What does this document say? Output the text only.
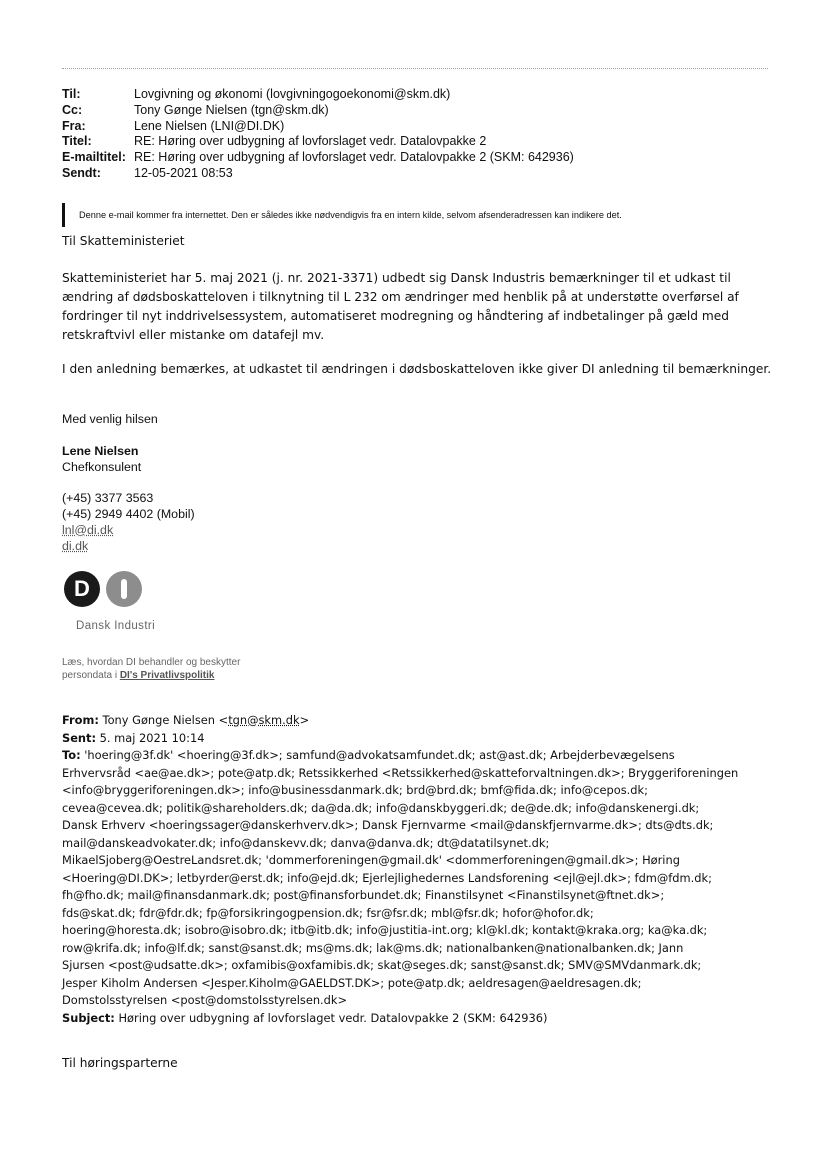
Til:	Lovgivning og økonomi (lovgivningogoekonomi@skm.dk)
Cc:	Tony Gønge Nielsen (tgn@skm.dk)
Fra:	Lene Nielsen (LNI@DI.DK)
Titel:	RE: Høring over udbygning af lovforslaget vedr. Datalovpakke 2
E-mailtitel: RE: Høring over udbygning af lovforslaget vedr. Datalovpakke 2 (SKM: 642936)
Sendt:	12-05-2021 08:53
Denne e-mail kommer fra internettet. Den er således ikke nødvendigvis fra en intern kilde, selvom afsenderadressen kan indikere det.
Til Skatteministeriet
Skatteministeriet har 5. maj 2021 (j. nr. 2021-3371) udbedt sig Dansk Industris bemærkninger til et udkast til ændring af dødsboskatteloven i tilknytning til L 232 om ændringer med henblik på at understøtte overførsel af fordringer til nyt inddrivelsessystem, automatiseret modregning og håndtering af indbetalinger på gæld med retskraftvivl eller mistanke om datafejl mv.
I den anledning bemærkes, at udkastet til ændringen i dødsboskatteloven ikke giver DI anledning til bemærkninger.
Med venlig hilsen
Lene Nielsen
Chefkonsulent
(+45) 3377 3563
(+45) 2949 4402 (Mobil)
lnl@di.dk
di.dk
D
Dansk Industri
Læs, hvordan DI behandler og beskytter
persondata i DI's Privatlivspolitik
From: Tony Gønge Nielsen <tgn@skm.dk>
Sent: 5. maj 2021 10:14
To: 'hoering@3f.dk' <hoering@3f.dk>; samfund@advokatsamfundet.dk; ast@ast.dk; Arbejderbevægelsens
Erhvervsråd <ae@ae.dk>; pote@atp.dk; Retssikkerhed <Retssikkerhed@skatteforvaltningen.dk>; Bryggeriforeningen
<info@bryggeriforeningen.dk>; info@businessdanmark.dk; brd@brd.dk; bmf@fida.dk; info@cepos.dk;
cevea@cevea.dk; politik@shareholders.dk; da@da.dk; info@danskbyggeri.dk; de@de.dk; info@danskenergi.dk;
Dansk Erhverv <hoeringssager@danskerhverv.dk>; Dansk Fjernvarme <mail@danskfjernvarme.dk>; dts@dts.dk;
mail@danskeadvokater.dk; info@danskevv.dk; danva@danva.dk; dt@datatilsynet.dk;
MikaelSjoberg@OestreLandsret.dk; 'dommerforeningen@gmail.dk' <dommerforeningen@gmail.dk>; Høring
<Hoering@DI.DK>; letbyrder@erst.dk; info@ejd.dk; Ejerlejlighedernes Landsforening <ejl@ejl.dk>; fdm@fdm.dk;
fh@fho.dk; mail@finansdanmark.dk; post@finansforbundet.dk; Finanstilsynet <Finanstilsynet@ftnet.dk>;
fds@skat.dk; fdr@fdr.dk; fp@forsikringogpension.dk; fsr@fsr.dk; mbl@fsr.dk; hofor@hofor.dk;
hoering@horesta.dk; isobro@isobro.dk; itb@itb.dk; info@justitia-int.org; kl@kl.dk; kontakt@kraka.org; ka@ka.dk;
row@krifa.dk; info@lf.dk; sanst@sanst.dk; ms@ms.dk; lak@ms.dk; nationalbanken@nationalbanken.dk; Jann
Sjursen <post@udsatte.dk>; oxfamibis@oxfamibis.dk; skat@seges.dk; sanst@sanst.dk; SMV@SMVdanmark.dk;
Jesper Kiholm Andersen <Jesper.Kiholm@GAELDST.DK>; pote@atp.dk; aeldresagen@aeldresagen.dk;
Domstolsstyrelsen <post@domstolsstyrelsen.dk>
Subject: Høring over udbygning af lovforslaget vedr. Datalovpakke 2 (SKM: 642936)
Til høringsparterne
